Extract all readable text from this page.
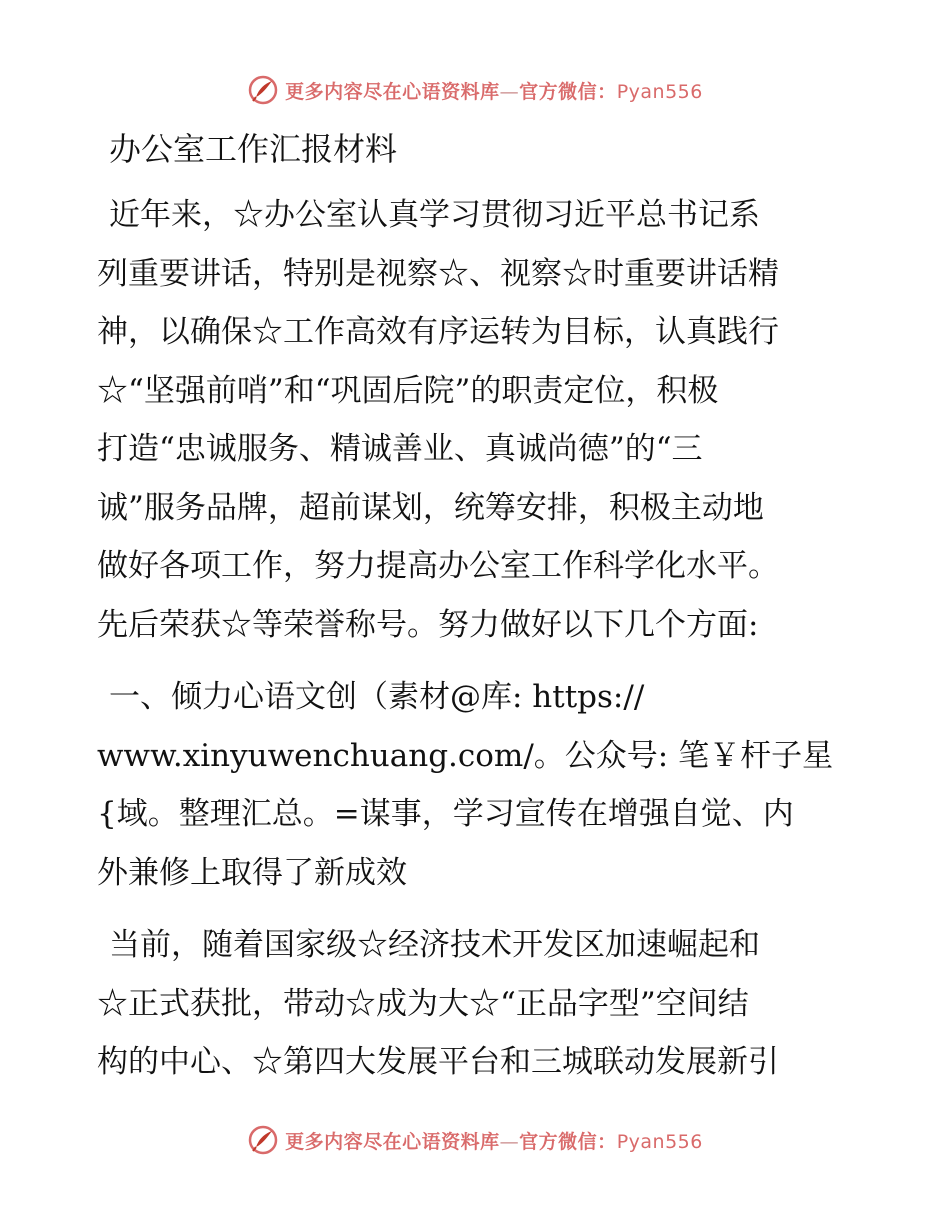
更多内容尽在心语资料库—官方微信：Pyan556
办公室工作汇报材料
近年来，☆办公室认真学习贯彻习近平总书记系
列重要讲话，特别是视察☆、视察☆时重要讲话精
神，以确保☆工作高效有序运转为目标，认真践行
☆“坚强前哨”和“巩固后院”的职责定位，积极
打造“忠诚服务、精诚善业、真诚尚德”的“三
诚”服务品牌，超前谋划，统筹安排，积极主动地
做好各项工作，努力提高办公室工作科学化水平。
先后荣获☆等荣誉称号。努力做好以下几个方面:
一、倾力心语文创（素材@库: https://
www.xinyuwenchuang.com/。公众号: 笔￥杆子星
{域。整理汇总。=谋事，学习宣传在增强自觉、内
外兼修上取得了新成效
当前，随着国家级☆经济技术开发区加速崛起和
☆正式获批，带动☆成为大☆“正品字型”空间结
构的中心、☆第四大发展平台和三城联动发展新引
更多内容尽在心语资料库—官方微信：Pyan556
